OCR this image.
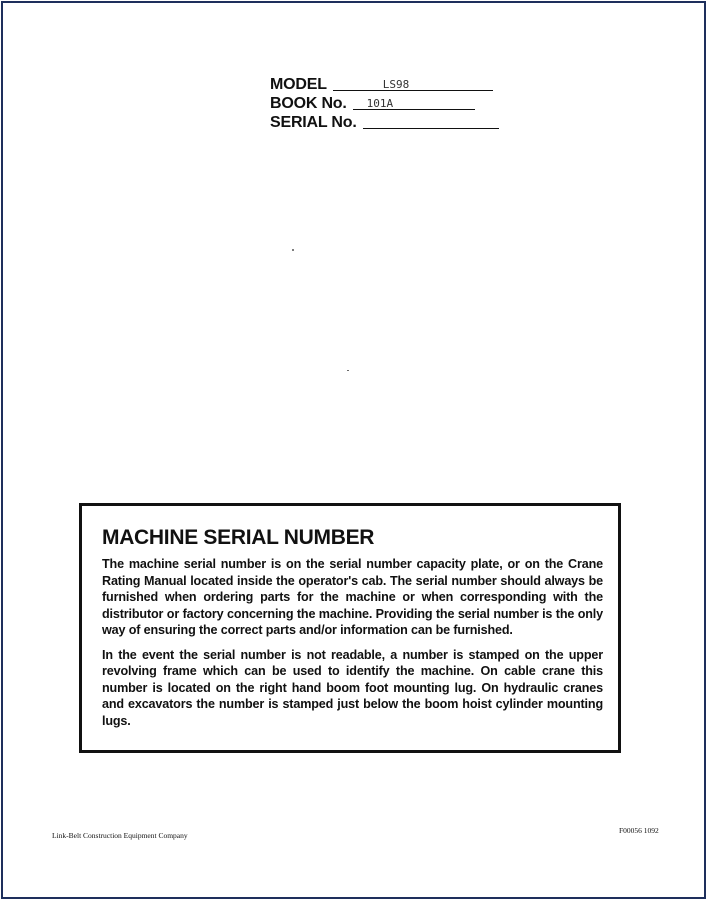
MODEL	LS98
BOOK No. 101A
SERIAL No.
MACHINE SERIAL NUMBER

The machine serial number is on the serial number capacity plate, or on the Crane Rating Manual located inside the operator's cab. The serial number should always be furnished when ordering parts for the machine or when corresponding with the distributor or factory concerning the machine. Providing the serial number is the only way of ensuring the correct parts and/or information can be furnished.

In the event the serial number is not readable, a number is stamped on the upper revolving frame which can be used to identify the machine. On cable crane this number is located on the right hand boom foot mounting lug. On hydraulic cranes and excavators the number is stamped just below the boom hoist cylinder mounting lugs.

Link-Belt Construction Equipment Company
F00056 1092
